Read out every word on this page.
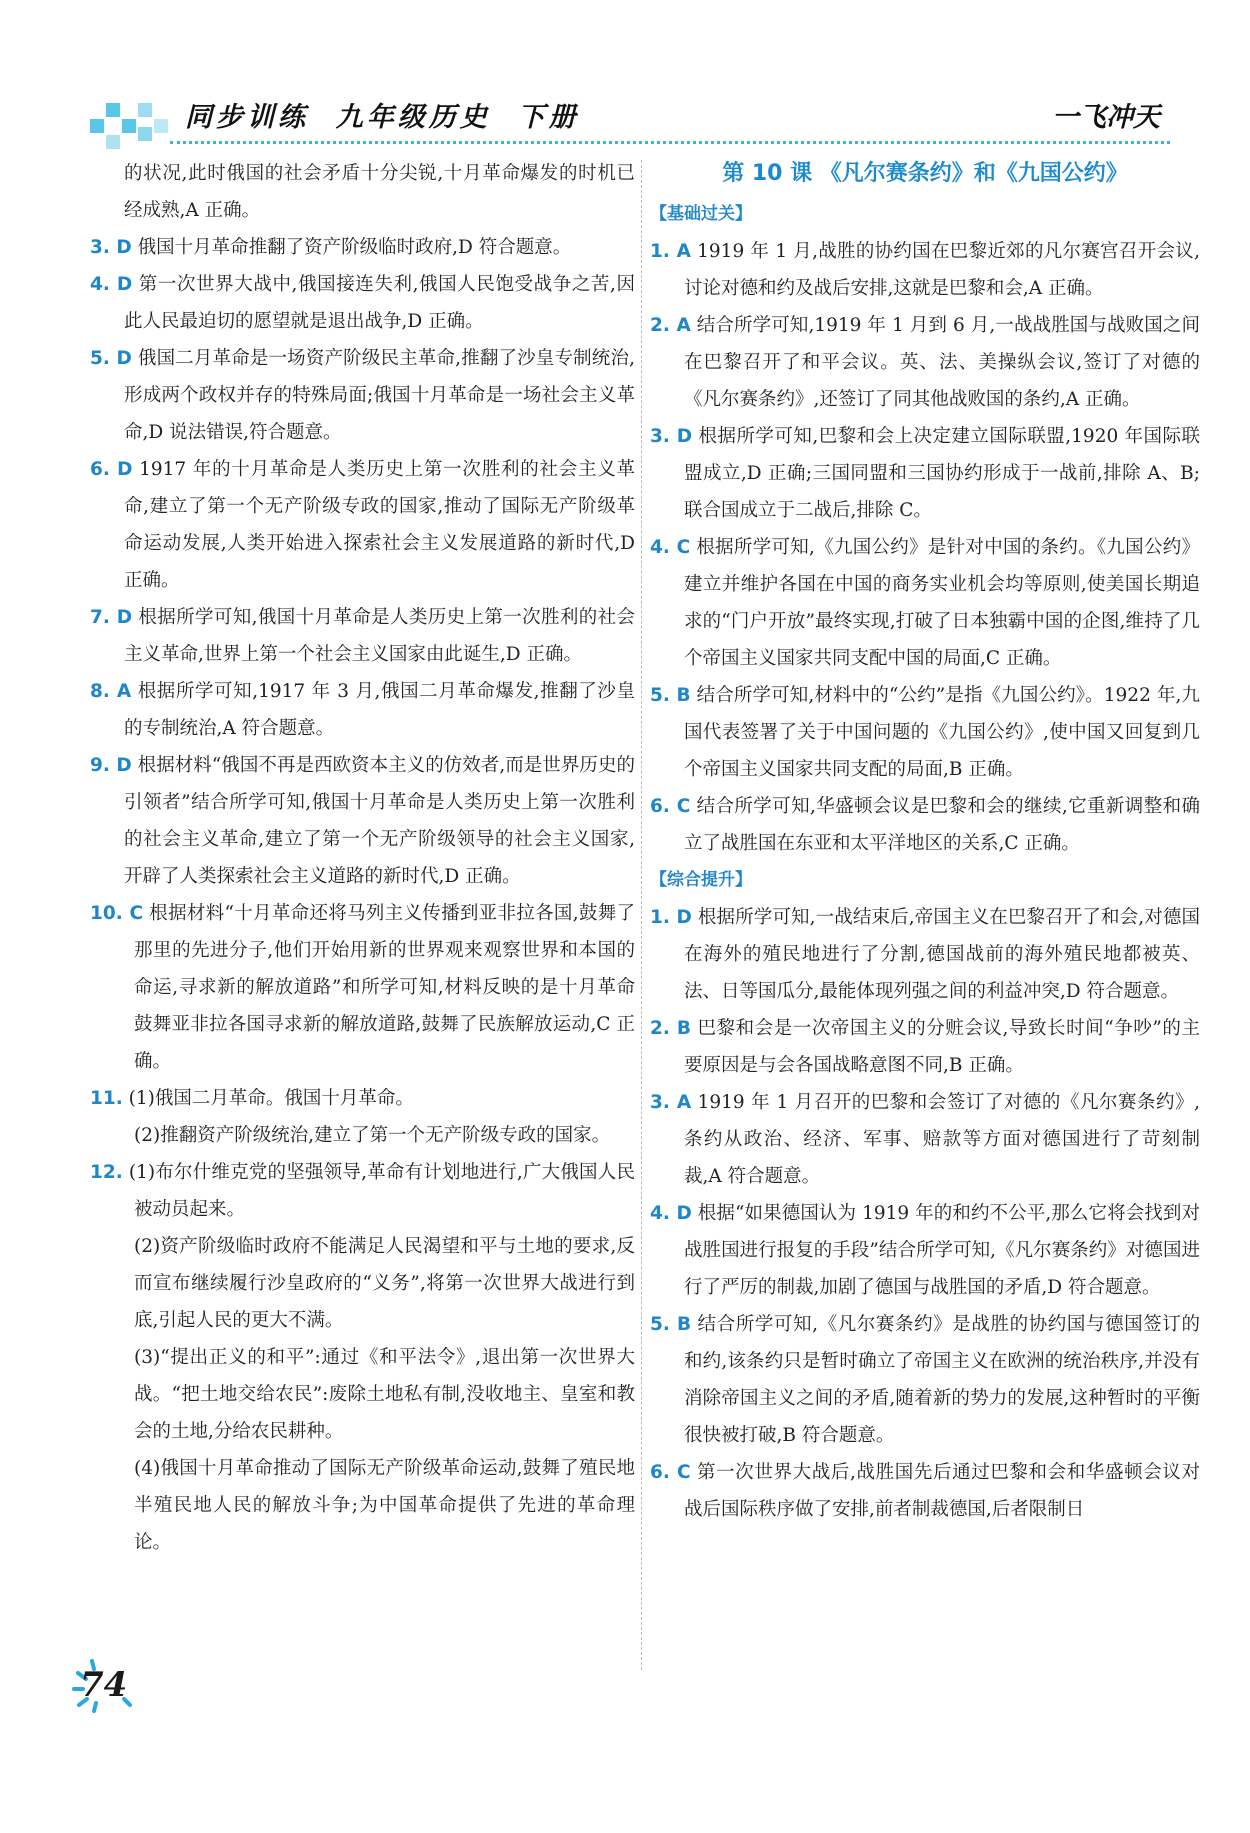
同步训练  九年级历史  下册	一飞冲天
的状况,此时俄国的社会矛盾十分尖锐,十月革命爆发的时机已经成熟,A 正确。
3. D 俄国十月革命推翻了资产阶级临时政府,D 符合题意。
4. D 第一次世界大战中,俄国接连失利,俄国人民饱受战争之苦,因此人民最迫切的愿望就是退出战争,D 正确。
5. D 俄国二月革命是一场资产阶级民主革命,推翻了沙皇专制统治,形成两个政权并存的特殊局面;俄国十月革命是一场社会主义革命,D 说法错误,符合题意。
6. D 1917 年的十月革命是人类历史上第一次胜利的社会主义革命,建立了第一个无产阶级专政的国家,推动了国际无产阶级革命运动发展,人类开始进入探索社会主义发展道路的新时代,D 正确。
7. D 根据所学可知,俄国十月革命是人类历史上第一次胜利的社会主义革命,世界上第一个社会主义国家由此诞生,D 正确。
8. A 根据所学可知,1917 年 3 月,俄国二月革命爆发,推翻了沙皇的专制统治,A 符合题意。
9. D 根据材料“俄国不再是西欧资本主义的仿效者,而是世界历史的引领者”结合所学可知,俄国十月革命是人类历史上第一次胜利的社会主义革命,建立了第一个无产阶级领导的社会主义国家,开辟了人类探索社会主义道路的新时代,D 正确。
10. C 根据材料“十月革命还将马列主义传播到亚非拉各国,鼓舞了那里的先进分子,他们开始用新的世界观来观察世界和本国的命运,寻求新的解放道路”和所学可知,材料反映的是十月革命鼓舞亚非拉各国寻求新的解放道路,鼓舞了民族解放运动,C 正确。
11. (1)俄国二月革命。俄国十月革命。
(2)推翻资产阶级统治,建立了第一个无产阶级专政的国家。
12. (1)布尔什维克党的坚强领导,革命有计划地进行,广大俄国人民被动员起来。
(2)资产阶级临时政府不能满足人民渴望和平与土地的要求,反而宣布继续履行沙皇政府的“义务”,将第一次世界大战进行到底,引起人民的更大不满。
(3)“提出正义的和平”:通过《和平法令》,退出第一次世界大战。“把土地交给农民”:废除土地私有制,没收地主、皇室和教会的土地,分给农民耕种。
(4)俄国十月革命推动了国际无产阶级革命运动,鼓舞了殖民地半殖民地人民的解放斗争;为中国革命提供了先进的革命理论。
第 10 课 《凡尔赛条约》和《九国公约》
【基础过关】
1. A 1919 年 1 月,战胜的协约国在巴黎近郊的凡尔赛宫召开会议,讨论对德和约及战后安排,这就是巴黎和会,A 正确。
2. A 结合所学可知,1919 年 1 月到 6 月,一战战胜国与战败国之间在巴黎召开了和平会议。英、法、美操纵会议,签订了对德的《凡尔赛条约》,还签订了同其他战败国的条约,A 正确。
3. D 根据所学可知,巴黎和会上决定建立国际联盟,1920 年国际联盟成立,D 正确;三国同盟和三国协约形成于一战前,排除 A、B;联合国成立于二战后,排除 C。
4. C 根据所学可知,《九国公约》是针对中国的条约。《九国公约》建立并维护各国在中国的商务实业机会均等原则,使美国长期追求的“门户开放”最终实现,打破了日本独霸中国的企图,维持了几个帝国主义国家共同支配中国的局面,C 正确。
5. B 结合所学可知,材料中的“公约”是指《九国公约》。1922 年,九国代表签署了关于中国问题的《九国公约》,使中国又回复到几个帝国主义国家共同支配的局面,B 正确。
6. C 结合所学可知,华盛顿会议是巴黎和会的继续,它重新调整和确立了战胜国在东亚和太平洋地区的关系,C 正确。
【综合提升】
1. D 根据所学可知,一战结束后,帝国主义在巴黎召开了和会,对德国在海外的殖民地进行了分割,德国战前的海外殖民地都被英、法、日等国瓜分,最能体现列强之间的利益冲突,D 符合题意。
2. B 巴黎和会是一次帝国主义的分赃会议,导致长时间“争吵”的主要原因是与会各国战略意图不同,B 正确。
3. A 1919 年 1 月召开的巴黎和会签订了对德的《凡尔赛条约》,条约从政治、经济、军事、赔款等方面对德国进行了苛刻制裁,A 符合题意。
4. D 根据“如果德国认为 1919 年的和约不公平,那么它将会找到对战胜国进行报复的手段”结合所学可知,《凡尔赛条约》对德国进行了严厉的制裁,加剧了德国与战胜国的矛盾,D 符合题意。
5. B 结合所学可知,《凡尔赛条约》是战胜的协约国与德国签订的和约,该条约只是暂时确立了帝国主义在欧洲的统治秩序,并没有消除帝国主义之间的矛盾,随着新的势力的发展,这种暂时的平衡很快被打破,B 符合题意。
6. C 第一次世界大战后,战胜国先后通过巴黎和会和华盛顿会议对战后国际秩序做了安排,前者制裁德国,后者限制日
74
